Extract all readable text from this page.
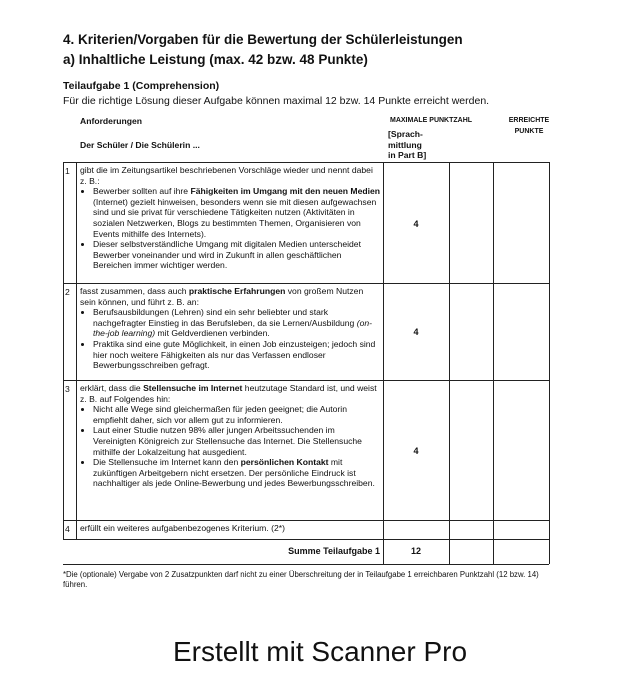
4. Kriterien/Vorgaben für die Bewertung der Schülerleistungen

a) Inhaltliche Leistung (max. 42 bzw. 48 Punkte)

Teilaufgabe 1 (Comprehension)

Für die richtige Lösung dieser Aufgabe können maximal 12 bzw. 14 Punkte erreicht werden.

Anforderungen
Der Schüler / Die Schülerin ...
MAXIMALE PUNKTZAHL
[Sprach-
mittlung
in Part B]
ERREICHTE PUNKTE
1 gibt die im Zeitungsartikel beschriebenen Vorschläge wieder und nennt dabei z. B.:

• Bewerber sollten auf ihre Fähigkeiten im Umgang mit den neuen Medien (Internet) gezielt hinweisen, besonders wenn sie mit diesen aufgewachsen sind und sie privat für verschiedene Tätigkeiten nutzen (Aktivitäten in sozialen Netzwerken, Blogs zu bestimmten Themen, Organisieren von Events mithilfe des Internets).
• Dieser selbstverständliche Umgang mit digitalen Medien unterscheidet Bewerber voneinander und wird in Zukunft in allen geschäftlichen Bereichen immer wichtiger werden.
4
2 fasst zusammen, dass auch praktische Erfahrungen von großem Nutzen sein können, und führt z. B. an:

• Berufsausbildungen (Lehren) sind ein sehr beliebter und stark nachgefragter Einstieg in das Berufsleben, da sie Lernen/Ausbildung (on-the-job learning) mit Geldverdienen verbinden.
• Praktika sind eine gute Möglichkeit, in einen Job einzusteigen; jedoch sind hier noch weitere Fähigkeiten als nur das Verfassen endloser Bewerbungsschreiben gefragt.
4
3 erklärt, dass die Stellensuche im Internet heutzutage Standard ist, und weist z. B. auf Folgendes hin:

• Nicht alle Wege sind gleichermaßen für jeden geeignet; die Autorin empfiehlt daher, sich vor allem gut zu informieren.
• Laut einer Studie nutzen 98% aller jungen Arbeitssuchenden im Vereinigten Königreich zur Stellensuche das Internet. Die Stellensuche mithilfe der Lokalzeitung hat ausgedient.
• Die Stellensuche im Internet kann den persönlichen Kontakt mit zukünftigen Arbeitgebern nicht ersetzen. Der persönliche Eindruck ist nachhaltiger als jede Online-Bewerbung und jedes Bewerbungsschreiben.
4
4 erfüllt ein weiteres aufgabenbezogenes Kriterium. (2*)

Summe Teilaufgabe 1	12

*Die (optionale) Vergabe von 2 Zusatzpunkten darf nicht zu einer Überschreitung der in Teilaufgabe 1 erreichbaren Punktzahl (12 bzw. 14) führen.

Erstellt mit Scanner Pro
